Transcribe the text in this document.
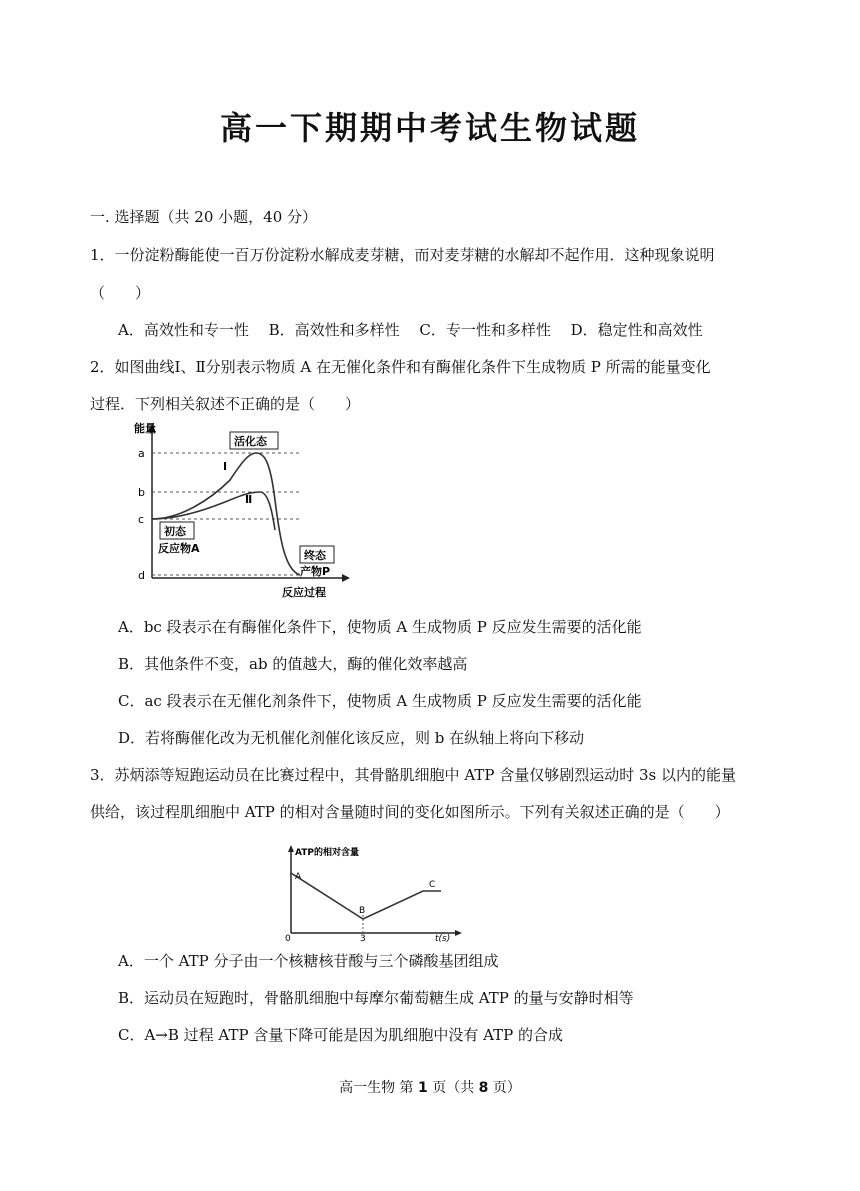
高一下期期中考试生物试题
一. 选择题（共 20 小题，40 分）
1．一份淀粉酶能使一百万份淀粉水解成麦芽糖，而对麦芽糖的水解却不起作用．这种现象说明
（　　）
A．高效性和专一性　 B．高效性和多样性　 C．专一性和多样性　 D．稳定性和高效性
2．如图曲线Ⅰ、Ⅱ分别表示物质 A 在无催化条件和有酶催化条件下生成物质 P 所需的能量变化
过程．下列相关叙述不正确的是（　　）
能量
反应过程
a
b
c
d
Ⅰ
Ⅱ
活化态
初态
反应物A
终态
产物P
A．bc 段表示在有酶催化条件下，使物质 A 生成物质 P 反应发生需要的活化能
B．其他条件不变，ab 的值越大，酶的催化效率越高
C．ac 段表示在无催化剂条件下，使物质 A 生成物质 P 反应发生需要的活化能
D．若将酶催化改为无机催化剂催化该反应，则 b 在纵轴上将向下移动
3．苏炳添等短跑运动员在比赛过程中，其骨骼肌细胞中 ATP 含量仅够剧烈运动时 3s 以内的能量
供给，该过程肌细胞中 ATP 的相对含量随时间的变化如图所示。下列有关叙述正确的是（　　）
ATP的相对含量
t(s)
0	3
A
B
C
A．一个 ATP 分子由一个核糖核苷酸与三个磷酸基团组成
B．运动员在短跑时，骨骼肌细胞中每摩尔葡萄糖生成 ATP 的量与安静时相等
C．A→B 过程 ATP 含量下降可能是因为肌细胞中没有 ATP 的合成
高一生物 第 1 页（共 8 页）
